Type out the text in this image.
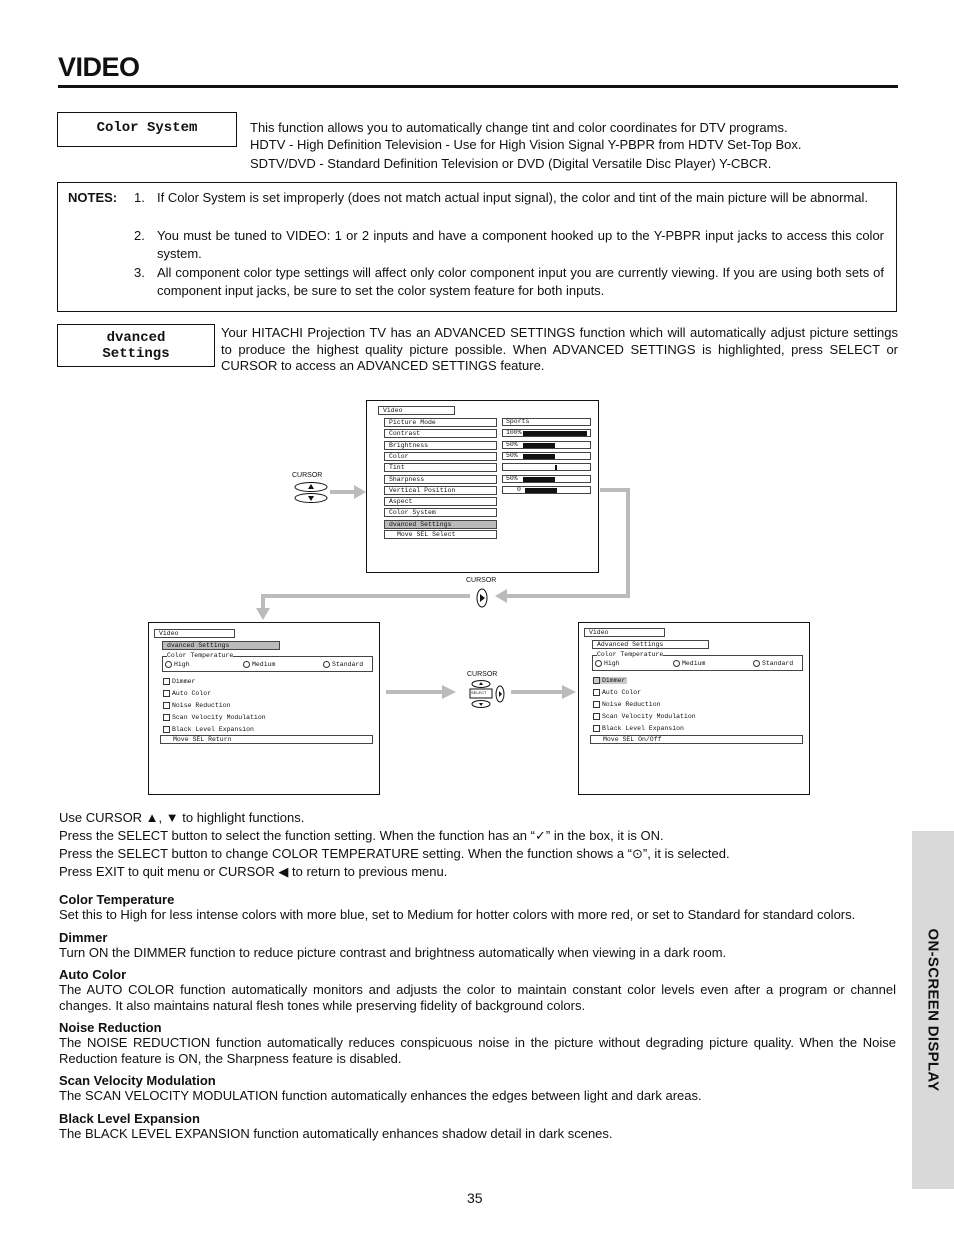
VIDEO
Color System	This function allows you to automatically change tint and color coordinates for DTV programs.
HDTV - High Definition Television - Use for High Vision Signal Y-PBPR from HDTV Set-Top Box.
SDTV/DVD - Standard Definition Television or DVD (Digital Versatile Disc Player) Y-CBCR.
NOTES: 1. If Color System is set improperly (does not match actual input signal), the color and tint of the main picture will be abnormal.
2. You must be tuned to VIDEO: 1 or 2 inputs and have a component hooked up to the Y-PBPR input jacks to access this color system.
3. All component color type settings will affect only color component input you are currently viewing. If you are using both sets of component input jacks, be sure to set the color system feature for both inputs.
dvanced
Settings
Your HITACHI Projection TV has an ADVANCED SETTINGS function which will automatically adjust picture settings to produce the highest quality picture possible. When ADVANCED SETTINGS is highlighted, press SELECT or CURSOR to access an ADVANCED SETTINGS feature.
Video
Move SEL Select
Picture Mode	Sports
Contrast	100%
Brightness	50%
Color	50%
Tint
Sharpness	50%
Vertical Position	0
Aspect
Color System
dvanced Settings
CURSOR
CURSOR
Video
dvanced Settings
Color Temperature
High	Medium	Standard
Dimmer
Auto Color
Noise Reduction
Scan Velocity Modulation
Black Level Expansion
Move SEL Return
CURSOR
SELECT
Video
Advanced Settings
Color Temperature
High	Medium	Standard
Dimmer
Auto Color
Noise Reduction
Scan Velocity Modulation
Black Level Expansion
Move SEL On/Off
Use CURSOR ▲, ▼ to highlight functions.
Press the SELECT button to select the function setting. When the function has an “✓” in the box, it is ON.
Press the SELECT button to change COLOR TEMPERATURE setting. When the function shows a “⊙”, it is selected.
Press EXIT to quit menu or CURSOR ◀ to return to previous menu.
Color Temperature
Set this to High for less intense colors with more blue, set to Medium for hotter colors with more red, or set to Standard for standard colors.
Dimmer
Turn ON the DIMMER function to reduce picture contrast and brightness automatically when viewing in a dark room.
Auto Color
The AUTO COLOR function automatically monitors and adjusts the color to maintain constant color levels even after a program or channel changes. It also maintains natural flesh tones while preserving fidelity of background colors.
Noise Reduction
The NOISE REDUCTION function automatically reduces conspicuous noise in the picture without degrading picture quality. When the Noise Reduction feature is ON, the Sharpness feature is disabled.
Scan Velocity Modulation
The SCAN VELOCITY MODULATION function automatically enhances the edges between light and dark areas.
Black Level Expansion
The BLACK LEVEL EXPANSION function automatically enhances shadow detail in dark scenes.
ON-SCREEN DISPLAY
35
